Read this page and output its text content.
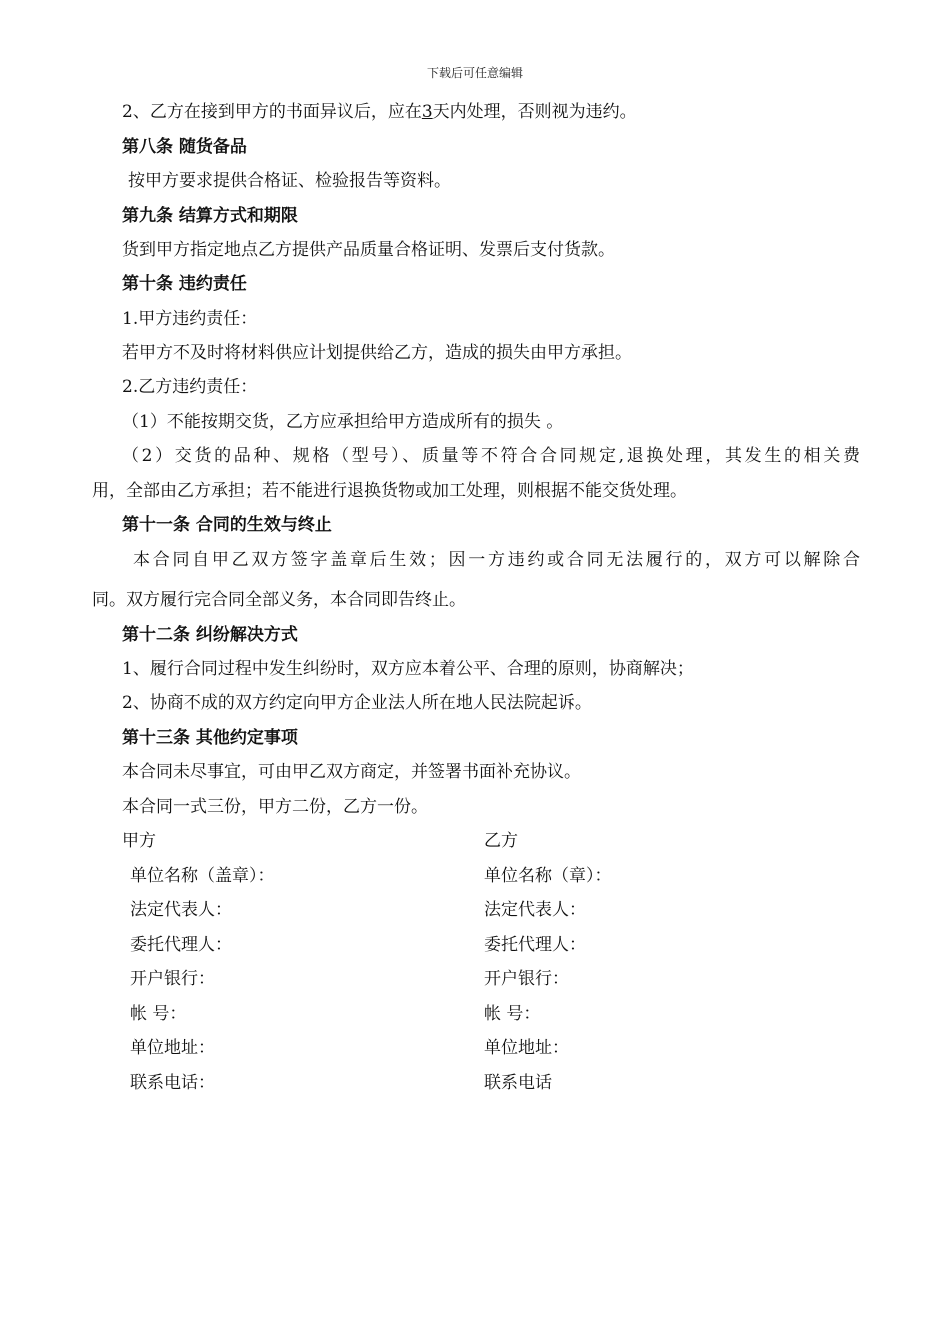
下载后可任意编辑
2、乙方在接到甲方的书面异议后，应在3天内处理，否则视为违约。
第八条 随货备品
按甲方要求提供合格证、检验报告等资料。
第九条 结算方式和期限
货到甲方指定地点乙方提供产品质量合格证明、发票后支付货款。
第十条 违约责任
1.甲方违约责任：
若甲方不及时将材料供应计划提供给乙方，造成的损失由甲方承担。
2.乙方违约责任：
（1）不能按期交货，乙方应承担给甲方造成所有的损失 。
（2）交货的品种、规格（型号）、质量等不符合合同规定,退换处理，其发生的相关费
用，全部由乙方承担；若不能进行退换货物或加工处理，则根据不能交货处理。
第十一条 合同的生效与终止
本合同自甲乙双方签字盖章后生效；因一方违约或合同无法履行的，双方可以解除合
同。双方履行完合同全部义务，本合同即告终止。
第十二条 纠纷解决方式
1、履行合同过程中发生纠纷时，双方应本着公平、合理的原则，协商解决；
2、协商不成的双方约定向甲方企业法人所在地人民法院起诉。
第十三条 其他约定事项
本合同未尽事宜，可由甲乙双方商定，并签署书面补充协议。
本合同一式三份，甲方二份，乙方一份。
甲方
单位名称（盖章）：
法定代表人：
委托代理人：
开户银行：
帐 号：
单位地址：
联系电话：
乙方
单位名称（章）：
法定代表人：
委托代理人：
开户银行：
帐 号：
单位地址：
联系电话
